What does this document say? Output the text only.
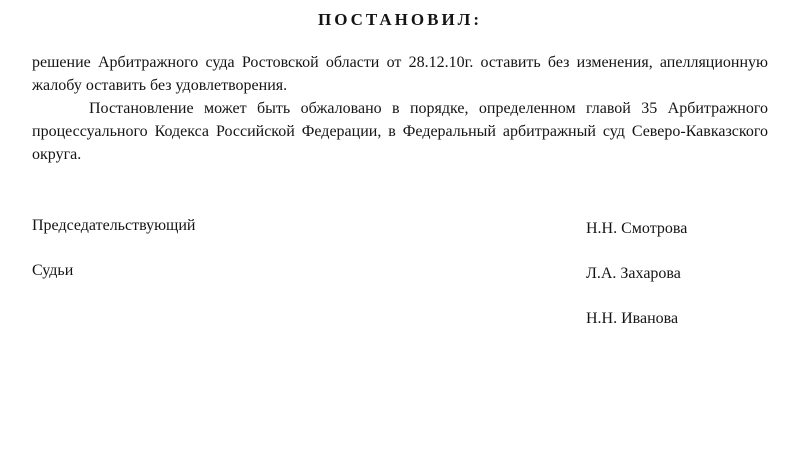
ПОСТАНОВИЛ:

решение Арбитражного суда Ростовской области от 28.12.10г. оставить без изменения, апелляционную жалобу оставить без удовлетворения.

Постановление может быть обжаловано в порядке, определенном главой 35 Арбитражного процессуального Кодекса Российской Федерации, в Федеральный арбитражный суд Северо-Кавказского округа.

Председательствующий
Судьи
Н.Н. Смотрова
Л.А. Захарова
Н.Н. Иванова
